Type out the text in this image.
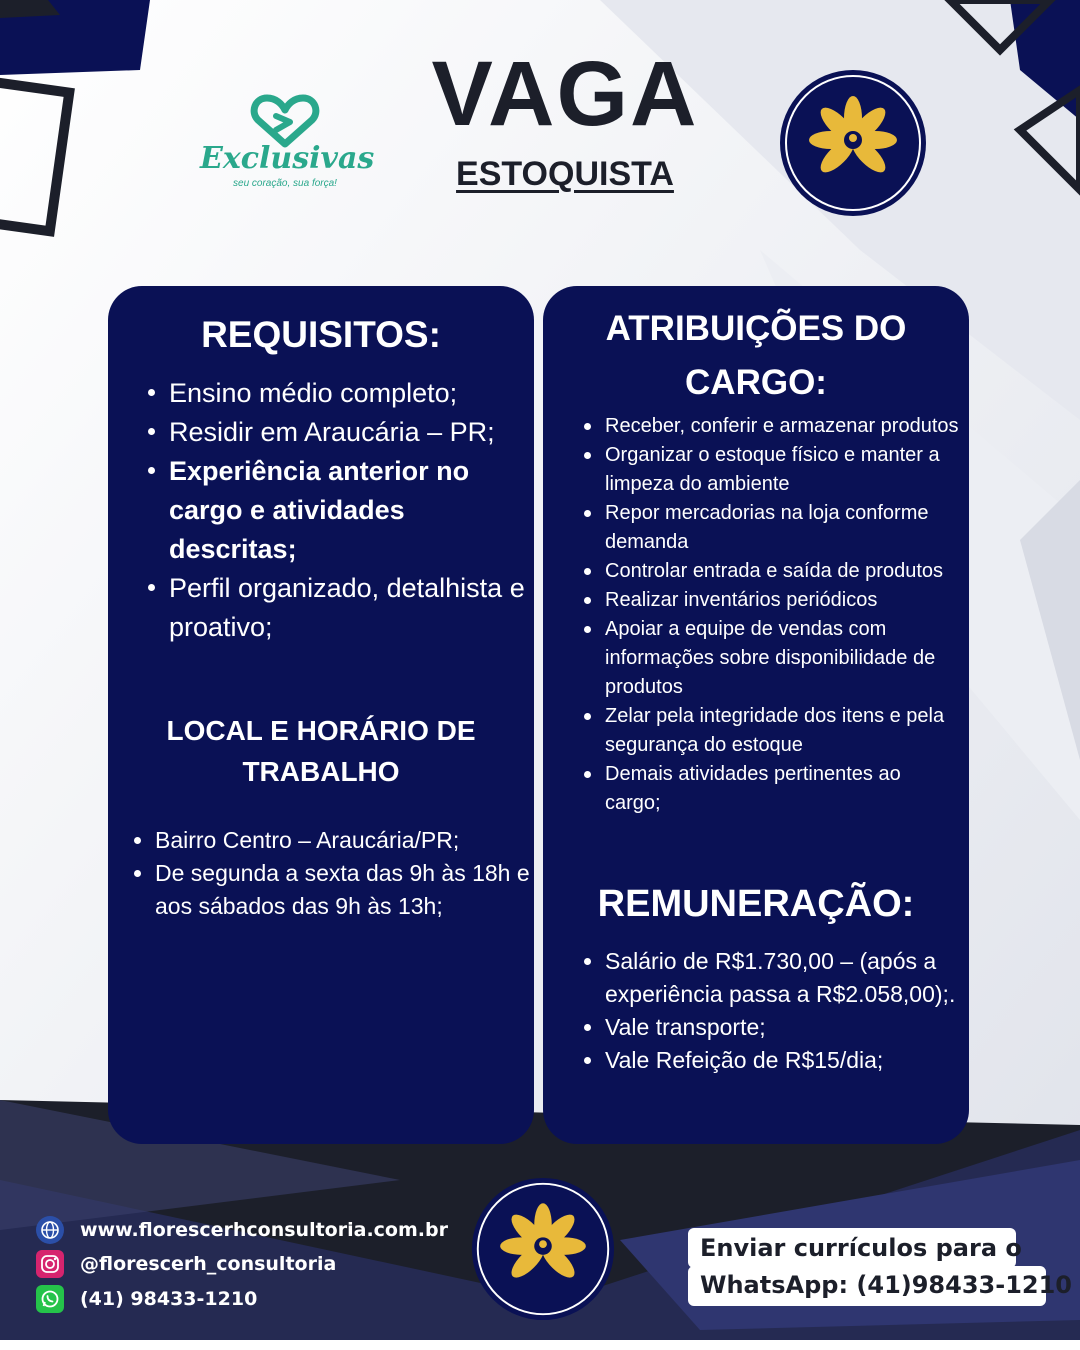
Exclusivas
seu coração, sua força!
VAGA
ESTOQUISTA
REQUISITOS:
Ensino médio completo;
Residir em Araucária – PR;
Experiência anterior no cargo e atividades descritas;
Perfil organizado, detalhista e proativo;
LOCAL E HORÁRIO DE TRABALHO
Bairro Centro – Araucária/PR;
De segunda a sexta das 9h às 18h e aos sábados das 9h às 13h;
ATRIBUIÇÕES DO CARGO:
Receber, conferir e armazenar produtos
Organizar o estoque físico e manter a limpeza do ambiente
Repor mercadorias na loja conforme demanda
Controlar entrada e saída de produtos
Realizar inventários periódicos
Apoiar a equipe de vendas com informações sobre disponibilidade de produtos
Zelar pela integridade dos itens e pela segurança do estoque
Demais atividades pertinentes ao cargo;
REMUNERAÇÃO:
Salário de R$1.730,00 – (após a experiência passa a R$2.058,00);.
Vale transporte;
Vale Refeição de R$15/dia;
www.florescerhconsultoria.com.br
@florescerh_consultoria
(41) 98433-1210
Enviar currículos para o
WhatsApp: (41)98433-1210
